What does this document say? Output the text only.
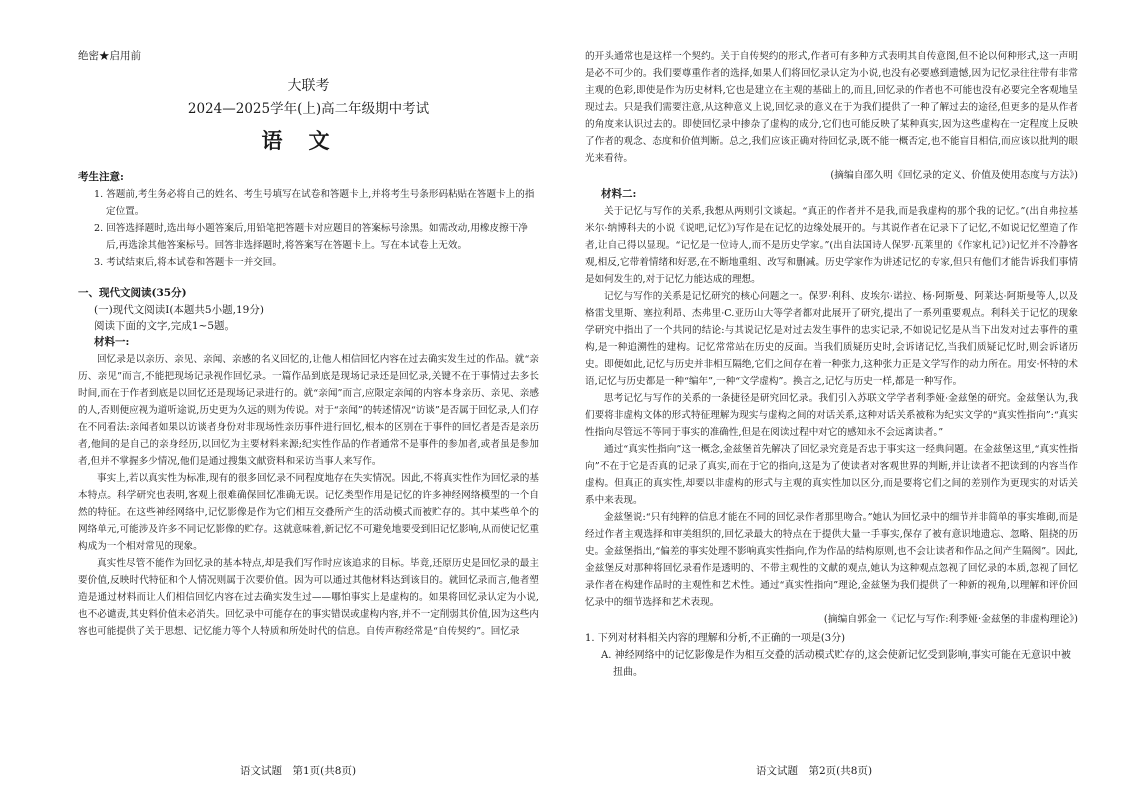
绝密★启用前

大联考

2024—2025学年(上)高二年级期中考试

语文

考生注意:

1. 答题前,考生务必将自己的姓名、考生号填写在试卷和答题卡上,并将考生号条形码粘贴在答题卡上的指定位置。

2. 回答选择题时,选出每小题答案后,用铅笔把答题卡对应题目的答案标号涂黑。如需改动,用橡皮擦干净后,再选涂其他答案标号。回答非选择题时,将答案写在答题卡上。写在本试卷上无效。

3. 考试结束后,将本试卷和答题卡一并交回。

一、现代文阅读(35分)

(一)现代文阅读Ⅰ(本题共5小题,19分)

阅读下面的文字,完成1~5题。

材料一:

回忆录是以亲历、亲见、亲闻、亲感的名义回忆的,让他人相信回忆内容在过去确实发生过的作品。就“亲历、亲见”而言,不能把现场记录视作回忆录。一篇作品到底是现场记录还是回忆录,关键不在于事情过去多长时间,而在于作者到底是以回忆还是现场记录进行的。就“亲闻”而言,应限定亲闻的内容本身亲历、亲见、亲感的人,否则便应视为道听途说,历史更为久远的则为传说。对于“亲闻”的转述情况“访谈”是否属于回忆录,人们存在不同看法:亲闻者如果以访谈者身份对非现场性亲历事件进行回忆,根本的区别在于事件的回忆者是否是亲历者,他间的是自己的亲身经历,以回忆为主要材料来源;纪实性作品的作者通常不是事件的参加者,或者虽是参加者,但并不掌握多少情况,他们是通过搜集文献资料和采访当事人来写作。

事实上,若以真实性为标准,现有的很多回忆录不同程度地存在失实情况。因此,不将真实性作为回忆录的基本特点。科学研究也表明,客观上很难确保回忆准确无误。记忆类型作用是记忆的许多神经网络模型的一个自然的特征。在这些神经网络中,记忆影像是作为它们相互交叠所产生的活动模式而被贮存的。其中某些单个的网络单元,可能涉及许多不同记忆影像的贮存。这就意味着,新记忆不可避免地要受到旧记忆影响,从而使记忆重构成为一个相对常见的现象。

真实性尽管不能作为回忆录的基本特点,却是我们写作时应该追求的目标。毕竟,还原历史是回忆录的最主要价值,反映时代特征和个人情况则属于次要价值。因为可以通过其他材料达到该目的。就回忆录而言,他者塑造是通过材料而让人们相信回忆内容在过去确实发生过——哪怕事实上是虚构的。如果将回忆录认定为小说,也不必谴责,其史料价值未必消失。回忆录中可能存在的事实错误或虚构内容,并不一定削弱其价值,因为这些内容也可能提供了关于思想、记忆能力等个人特质和所处时代的信息。自传声称经常是“自传契约”。回忆录

语文试题　第1页(共8页)

的开头通常也是这样一个契约。关于自传契约的形式,作者可有多种方式表明其自传意图,但不论以何种形式,这一声明是必不可少的。我们要尊重作者的选择,如果人们将回忆录认定为小说,也没有必要感到遗憾,因为记忆录往往带有非常主观的色彩,即使是作为历史材料,它也是建立在主观的基础上的,而且,回忆录的作者也不可能也没有必要完全客观地呈现过去。只是我们需要注意,从这种意义上说,回忆录的意义在于为我们提供了一种了解过去的途径,但更多的是从作者的角度来认识过去的。即使回忆录中掺杂了虚构的成分,它们也可能反映了某种真实,因为这些虚构在一定程度上反映了作者的观念、态度和价值判断。总之,我们应该正确对待回忆录,既不能一概否定,也不能盲目相信,而应该以批判的眼光来看待。

(摘编自邵久明《回忆录的定义、价值及使用态度与方法》)

材料二:

关于记忆与写作的关系,我想从两则引文谈起。“真正的作者并不是我,而是我虚构的那个我的记忆。”(出自弗拉基米尔·纳博科夫的小说《说吧,记忆》)写作是在记忆的边缘处展开的。与其说作者在记录下了记忆,不如说记忆塑造了作者,让自己得以显现。“记忆是一位诗人,而不是历史学家。”(出自法国诗人保罗·瓦莱里的《作家札记》)记忆并不冷静客观,相反,它带着情绪和好恶,在不断地重组、改写和删减。历史学家作为讲述记忆的专家,但只有他们才能告诉我们事情是如何发生的,对于记忆力能达成的理想。

记忆与写作的关系是记忆研究的核心问题之一。保罗·利科、皮埃尔·诺拉、杨·阿斯曼、阿莱达·阿斯曼等人,以及格雷戈里斯、塞拉利昂、杰弗里·C.亚历山大等学者都对此展开了研究,提出了一系列重要观点。利科关于记忆的现象学研究中指出了一个共同的结论:与其说记忆是对过去发生事件的忠实记录,不如说记忆是从当下出发对过去事件的重构,是一种追溯性的建构。记忆常常站在历史的反面。当我们质疑历史时,会诉诸记忆,当我们质疑记忆时,则会诉诸历史。即便如此,记忆与历史并非相互隔绝,它们之间存在着一种张力,这种张力正是文学写作的动力所在。用安·怀特的术语,记忆与历史都是一种“编年”,一种“文学虚构”。换言之,记忆与历史一样,都是一种写作。

思考记忆与写作的关系的一条捷径是研究回忆录。我们引入苏联文学学者利季娅·金兹堡的研究。金兹堡认为,我们要将非虚构文体的形式特征理解为现实与虚构之间的对话关系,这种对话关系被称为纪实文学的“真实性指向”:“真实性指向尽管远不等同于事实的准确性,但是在阅读过程中对它的感知永不会远离读者。”

通过“真实性指向”这一概念,金兹堡首先解决了回忆录究竟是否忠于事实这一经典问题。在金兹堡这里,“真实性指向”不在于它是否真的记录了真实,而在于它的指向,这是为了使读者对客观世界的判断,并让读者不把读到的内容当作虚构。但真正的真实性,却要以非虚构的形式与主观的真实性加以区分,而是要将它们之间的差别作为更现实的对话关系中来表现。

金兹堡说:“只有纯粹的信息才能在不同的回忆录作者那里吻合。”她认为回忆录中的细节并非简单的事实堆砌,而是经过作者主观选择和审美组织的,回忆录最大的特点在于提供大量一手事实,保存了被有意识地遗忘、忽略、阻挠的历史。金兹堡指出,“偏差的事实处理不影响真实性指向,作为作品的结构原则,也不会让读者和作品之间产生隔阂”。因此,金兹堡反对那种将回忆录看作是透明的、不带主观性的文献的观点,她认为这种观点忽视了回忆录的本质,忽视了回忆录作者在构建作品时的主观性和艺术性。通过“真实性指向”理论,金兹堡为我们提供了一种新的视角,以理解和评价回忆录中的细节选择和艺术表现。

(摘编自郭金一《记忆与写作:利季娅·金兹堡的非虚构理论》)

1. 下列对材料相关内容的理解和分析,不正确的一项是(3分)

A. 神经网络中的记忆影像是作为相互交叠的活动模式贮存的,这会使新记忆受到影响,事实可能在无意识中被扭曲。

语文试题　第2页(共8页)
